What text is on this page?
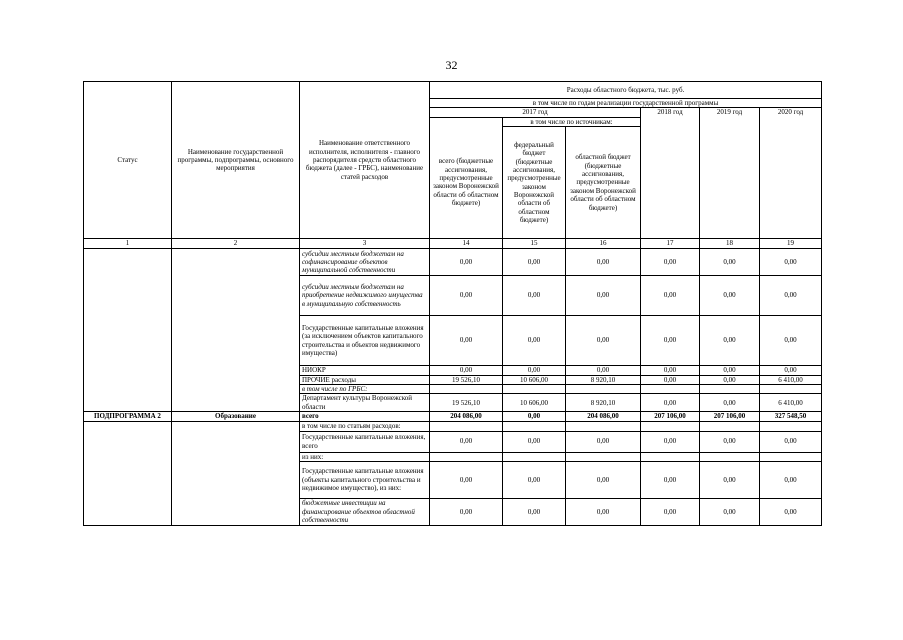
32
Статус	Наименование государственной программы, подпрограммы, основного мероприятия	Наименование ответственного исполнителя, исполнителя - главного распорядителя средств областного бюджета (далее - ГРБС), наименование статей расходов	Расходы областного бюджета, тыс. руб.					
			в том числе по годам реализации государственной программы					
			2017 год			2018 год	2019 год	2020 год
				в том числе по источникам:				
			всего (бюджетные ассигнования, предусмотренные законом Воронежской области об областном бюджете)	федеральный бюджет (бюджетные ассигнования, предусмотренные законом Воронежской области об областном бюджете)	областной бюджет (бюджетные ассигнования, предусмотренные законом Воронежской области об областном бюджете)			
1	2	3	14	15	16	17	18	19
		субсидии местным бюджетам на софинансирование объектов муниципальной собственности	0,00	0,00	0,00	0,00	0,00	0,00
		субсидии местным бюджетам на приобретение недвижимого имущества в муниципальную собственность	0,00	0,00	0,00	0,00	0,00	0,00
		Государственные капитальные вложения (за исключением объектов капитального строительства и объектов недвижимого имущества)	0,00	0,00	0,00	0,00	0,00	0,00
		НИОКР	0,00	0,00	0,00	0,00	0,00	0,00
		ПРОЧИЕ расходы	19 526,10	10 606,00	8 920,10	0,00	0,00	6 410,00
		в том числе по ГРБС:						
		Департамент культуры Воронежской области	19 526,10	10 606,00	8 920,10	0,00	0,00	6 410,00
ПОДПРОГРАММА 2	Образование	всего	204 086,00	0,00	204 086,00	207 106,00	207 106,00	327 548,50
		в том числе по статьям расходов:						
		Государственные капитальные вложения, всего	0,00	0,00	0,00	0,00	0,00	0,00
		из них:						
		Государственные капитальные вложения (объекты капитального строительства и недвижимое имущество), из них:	0,00	0,00	0,00	0,00	0,00	0,00
		бюджетные инвестиции на финансирование объектов областной собственности	0,00	0,00	0,00	0,00	0,00	0,00
